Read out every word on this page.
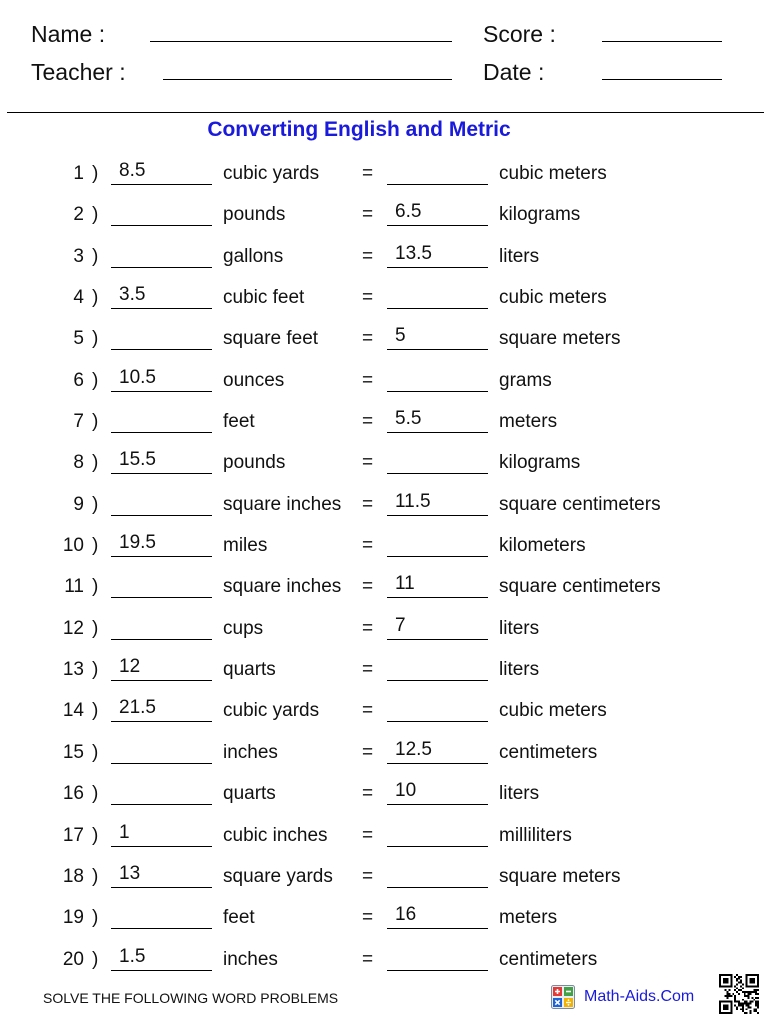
Name :
Teacher :
Score :
Date :
Converting English and Metric
1 ) 8.5	cubic yards =	cubic meters
2 )	pounds	= 6.5	kilograms
3 )	gallons	= 13.5	liters
4 ) 3.5	cubic feet	=	cubic meters
5 )	square feet = 5	square meters
6 ) 10.5	ounces	=	grams
7 )	feet	= 5.5	meters
8 ) 15.5	pounds	=	kilograms
9 )	square inches = 11.5	square centimeters
10 ) 19.5	miles	=	kilometers
11 )	square inches = 11	square centimeters
12 )	cups	= 7	liters
13 ) 12	quarts	=	liters
14 ) 21.5	cubic yards =	cubic meters
15 )	inches	= 12.5	centimeters
16 )	quarts	= 10	liters
17 ) 1	cubic inches =	milliliters
18 ) 13	square yards =	square meters
19 )	feet	= 16	meters
20 ) 1.5	inches	=	centimeters
SOLVE THE FOLLOWING WORD PROBLEMS	Math-Aids.Com
